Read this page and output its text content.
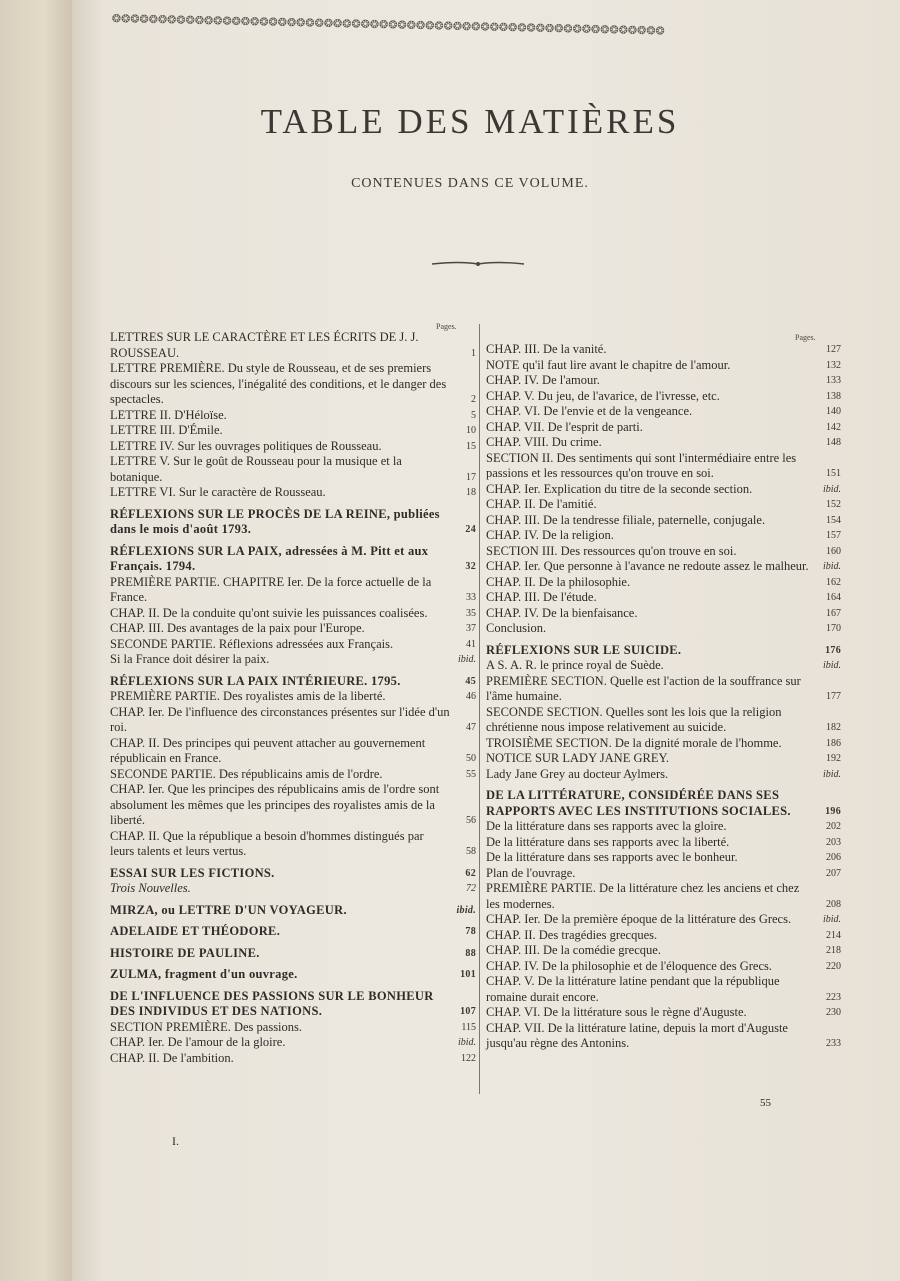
❂❂❂❂❂❂❂❂❂❂❂❂❂❂❂❂❂❂❂❂❂❂❂❂❂❂❂❂❂❂❂❂❂❂❂❂❂❂❂❂❂❂❂❂❂❂❂❂❂❂❂❂❂❂❂❂❂❂❂❂
TABLE DES MATIÈRES
CONTENUES DANS CE VOLUME.
Pages.
Pages.
LETTRES SUR LE CARACTÈRE ET LES ÉCRITS DE J. J. ROUSSEAU.	1
LETTRE PREMIÈRE. Du style de Rousseau, et de ses premiers discours sur les sciences, l'inégalité des conditions, et le danger des spectacles.	2
LETTRE II. D'Héloïse.	5
LETTRE III. D'Émile.	10
LETTRE IV. Sur les ouvrages politiques de Rousseau.	15
LETTRE V. Sur le goût de Rousseau pour la musique et la botanique.	17
LETTRE VI. Sur le caractère de Rousseau.	18
RÉFLEXIONS SUR LE PROCÈS DE LA REINE, publiées dans le mois d'août 1793.	24
RÉFLEXIONS SUR LA PAIX, adressées à M. Pitt et aux Français. 1794.	32
PREMIÈRE PARTIE. CHAPITRE Ier. De la force actuelle de la France.	33
CHAP. II. De la conduite qu'ont suivie les puissances coalisées.	35
CHAP. III. Des avantages de la paix pour l'Europe.	37
SECONDE PARTIE. Réflexions adressées aux Français.	41
Si la France doit désirer la paix.	ibid.
RÉFLEXIONS SUR LA PAIX INTÉRIEURE. 1795.	45
PREMIÈRE PARTIE. Des royalistes amis de la liberté.	46
CHAP. Ier. De l'influence des circonstances présentes sur l'idée d'un roi.	47
CHAP. II. Des principes qui peuvent attacher au gouvernement républicain en France.	50
SECONDE PARTIE. Des républicains amis de l'ordre.	55
CHAP. Ier. Que les principes des républicains amis de l'ordre sont absolument les mêmes que les principes des royalistes amis de la liberté.	56
CHAP. II. Que la république a besoin d'hommes distingués par leurs talents et leurs vertus.	58
ESSAI SUR LES FICTIONS.	62
Trois Nouvelles.	72
MIRZA, ou LETTRE D'UN VOYAGEUR.	ibid.
ADELAIDE ET THÉODORE.	78
HISTOIRE DE PAULINE.	88
ZULMA, fragment d'un ouvrage.	101
DE L'INFLUENCE DES PASSIONS SUR LE BONHEUR DES INDIVIDUS ET DES NATIONS.	107
SECTION PREMIÈRE. Des passions.	115
CHAP. Ier. De l'amour de la gloire.	ibid.
CHAP. II. De l'ambition.	122
CHAP. III. De la vanité.	127
NOTE qu'il faut lire avant le chapitre de l'amour.	132
CHAP. IV. De l'amour.	133
CHAP. V. Du jeu, de l'avarice, de l'ivresse, etc.	138
CHAP. VI. De l'envie et de la vengeance.	140
CHAP. VII. De l'esprit de parti.	142
CHAP. VIII. Du crime.	148
SECTION II. Des sentiments qui sont l'intermédiaire entre les passions et les ressources qu'on trouve en soi.	151
CHAP. Ier. Explication du titre de la seconde section.	ibid.
CHAP. II. De l'amitié.	152
CHAP. III. De la tendresse filiale, paternelle, conjugale.	154
CHAP. IV. De la religion.	157
SECTION III. Des ressources qu'on trouve en soi.	160
CHAP. Ier. Que personne à l'avance ne redoute assez le malheur. ibid.
CHAP. II. De la philosophie.	162
CHAP. III. De l'étude.	164
CHAP. IV. De la bienfaisance.	167
Conclusion.	170
RÉFLEXIONS SUR LE SUICIDE.	176
A S. A. R. le prince royal de Suède.	ibid.
PREMIÈRE SECTION. Quelle est l'action de la souffrance sur l'âme humaine.	177
SECONDE SECTION. Quelles sont les lois que la religion chrétienne nous impose relativement au suicide.	182
TROISIÈME SECTION. De la dignité morale de l'homme.	186
NOTICE SUR LADY JANE GREY.	192
Lady Jane Grey au docteur Aylmers.	ibid.
DE LA LITTÉRATURE, CONSIDÉRÉE DANS SES RAPPORTS AVEC LES INSTITUTIONS SOCIALES.	196
De la littérature dans ses rapports avec la gloire.	202
De la littérature dans ses rapports avec la liberté.	203
De la littérature dans ses rapports avec le bonheur.	206
Plan de l'ouvrage.	207
PREMIÈRE PARTIE. De la littérature chez les anciens et chez les modernes.	208
CHAP. Ier. De la première époque de la littérature des Grecs.	ibid.
CHAP. II. Des tragédies grecques.	214
CHAP. III. De la comédie grecque.	218
CHAP. IV. De la philosophie et de l'éloquence des Grecs.	220
CHAP. V. De la littérature latine pendant que la république romaine durait encore.	223
CHAP. VI. De la littérature sous le règne d'Auguste.	230
CHAP. VII. De la littérature latine, depuis la mort d'Auguste jusqu'au règne des Antonins.	233
I.
55
